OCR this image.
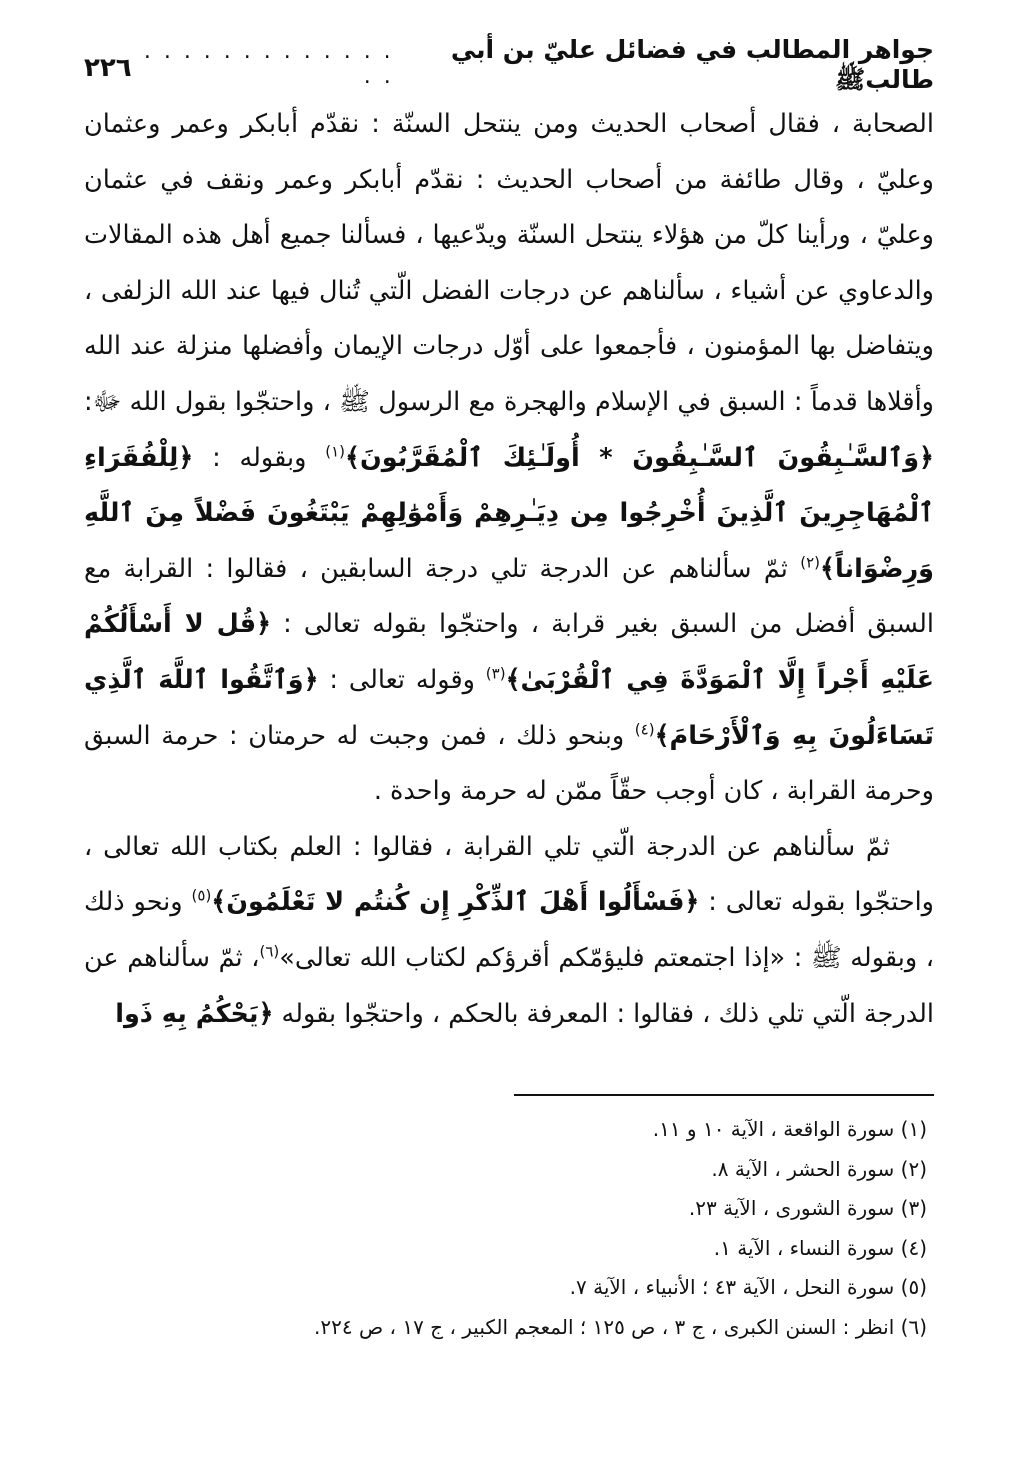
جواهر المطالب في فضائل عليّ بن أبي طالبﷺ
. . . . . . . . . . . . . . .
٢٢٦

الصحابة ، فقال أصحاب الحديث ومن ينتحل السنّة : نقدّم أبابكر وعمر وعثمان وعليّ ، وقال طائفة من أصحاب الحديث : نقدّم أبابكر وعمر ونقف في عثمان وعليّ ، ورأينا كلّ من هؤلاء ينتحل السنّة ويدّعيها ، فسألنا جميع أهل هذه المقالات والدعاوي عن أشياء ، سألناهم عن درجات الفضل الّتي تُنال فيها عند الله الزلفى ، ويتفاضل بها المؤمنون ، فأجمعوا على أوّل درجات الإيمان وأفضلها منزلة عند الله وأقلاها قدماً : السبق في الإسلام والهجرة مع الرسول ﷺ ، واحتجّوا بقول الله ﷻ: ﴿وَٱلسَّـٰبِقُونَ ٱلسَّـٰبِقُونَ * أُولَـٰئِكَ ٱلْمُقَرَّبُونَ﴾$^{(١)}$ وبقوله : ﴿لِلْفُقَرَاءِ ٱلْمُهَاجِرِينَ ٱلَّذِينَ أُخْرِجُوا مِن دِيَـٰرِهِمْ وَأَمْوَٰلِهِمْ يَبْتَغُونَ فَضْلاً مِنَ ٱللَّهِ وَرِضْوَاناً﴾$^{(٢)}$ ثمّ سألناهم عن الدرجة تلي درجة السابقين ، فقالوا : القرابة مع السبق أفضل من السبق بغير قرابة ، واحتجّوا بقوله تعالى : ﴿قُل لا أَسْأَلُكُمْ عَلَيْهِ أَجْراً إِلَّا ٱلْمَوَدَّةَ فِي ٱلْقُرْبَىٰ﴾$^{(٣)}$ وقوله تعالى : ﴿وَٱتَّقُوا ٱللَّهَ ٱلَّذِي تَسَاءَلُونَ بِهِ وَٱلْأَرْحَامَ﴾$^{(٤)}$ وبنحو ذلك ، فمن وجبت له حرمتان : حرمة السبق وحرمة القرابة ، كان أوجب حقّاً ممّن له حرمة واحدة .

ثمّ سألناهم عن الدرجة الّتي تلي القرابة ، فقالوا : العلم بكتاب الله تعالى ، واحتجّوا بقوله تعالى : ﴿فَسْأَلُوا أَهْلَ ٱلذِّكْرِ إِن كُنتُم لا تَعْلَمُونَ﴾$^{(٥)}$ ونحو ذلك ، وبقوله ﷺ : «إذا اجتمعتم فليؤمّكم أقرؤكم لكتاب الله تعالى»$^{(٦)}$، ثمّ سألناهم عن الدرجة الّتي تلي ذلك ، فقالوا : المعرفة بالحكم ، واحتجّوا بقوله ﴿يَحْكُمُ بِهِ ذَوا

(١) سورة الواقعة ، الآية ١٠ و ١١.
(٢) سورة الحشر ، الآية ٨.
(٣) سورة الشورى ، الآية ٢٣.
(٤) سورة النساء ، الآية ١.
(٥) سورة النحل ، الآية ٤٣ ؛ الأنبياء ، الآية ٧.
(٦) انظر : السنن الكبرى ، ج ٣ ، ص ١٢٥ ؛ المعجم الكبير ، ج ١٧ ، ص ٢٢٤.
